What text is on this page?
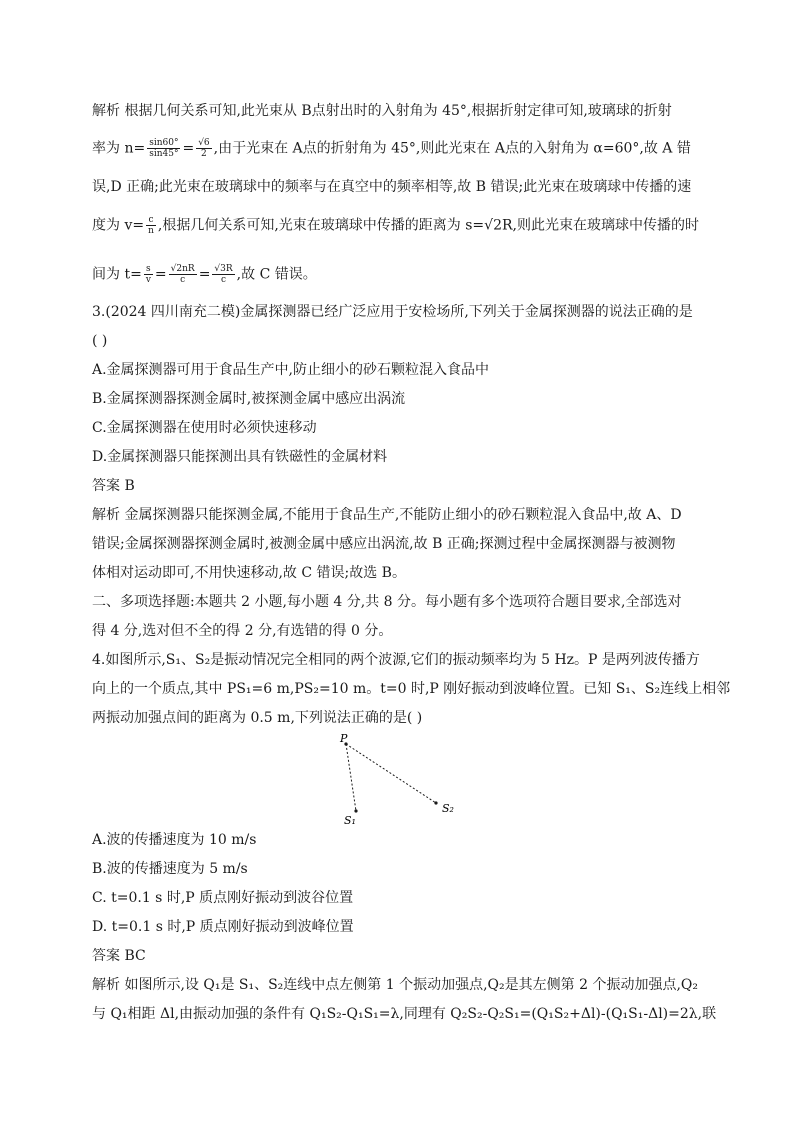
解析 根据几何关系可知,此光束从 B点射出时的入射角为 45°,根据折射定律可知,玻璃球的折射
率为 $n= \frac{\sin 60^\circ}{\sin 45^\circ} = \frac{√6}{2}$ ,由于光束在 A点的折射角为 45°,则此光束在 A点的入射角为 α=60°,故 A 错
误,D 正确;此光束在玻璃球中的频率与在真空中的频率相等,故 B 错误;此光束在玻璃球中传播的速
度为 $v= \frac{c}{n}$ ,根据几何关系可知,光束在玻璃球中传播的距离为 s=√2R,则此光束在玻璃球中传播的时
间为 $t= \frac{s}{v} = \frac{√2nR}{c} = \frac{√3R}{c}$ ,故 C 错误。
3.(2024 四川南充二模)金属探测器已经广泛应用于安检场所,下列关于金属探测器的说法正确的是
( )
A.金属探测器可用于食品生产中,防止细小的砂石颗粒混入食品中
B.金属探测器探测金属时,被探测金属中感应出涡流
C.金属探测器在使用时必须快速移动
D.金属探测器只能探测出具有铁磁性的金属材料
答案 B
解析 金属探测器只能探测金属,不能用于食品生产,不能防止细小的砂石颗粒混入食品中,故 A、D
错误;金属探测器探测金属时,被测金属中感应出涡流,故 B 正确;探测过程中金属探测器与被测物
体相对运动即可,不用快速移动,故 C 错误;故选 B。
二、多项选择题:本题共 2 小题,每小题 4 分,共 8 分。每小题有多个选项符合题目要求,全部选对
得 4 分,选对但不全的得 2 分,有选错的得 0 分。
4.如图所示,S₁、S₂是振动情况完全相同的两个波源,它们的振动频率均为 5 Hz。P 是两列波传播方
向上的一个质点,其中 PS₁=6 m,PS₂=10 m。t=0 时,P 刚好振动到波峰位置。已知 S₁、S₂连线上相邻
两振动加强点间的距离为 0.5 m,下列说法正确的是( )
P
S₁
S₂
A.波的传播速度为 10 m/s
B.波的传播速度为 5 m/s
C. t=0.1 s 时,P 质点刚好振动到波谷位置
D. t=0.1 s 时,P 质点刚好振动到波峰位置
答案 BC
解析 如图所示,设 Q₁是 S₁、S₂连线中点左侧第 1 个振动加强点,Q₂是其左侧第 2 个振动加强点,Q₂
与 Q₁相距 Δl,由振动加强的条件有 Q₁S₂-Q₁S₁=λ,同理有 Q₂S₂-Q₂S₁=(Q₁S₂+Δl)-(Q₁S₁-Δl)=2λ,联
